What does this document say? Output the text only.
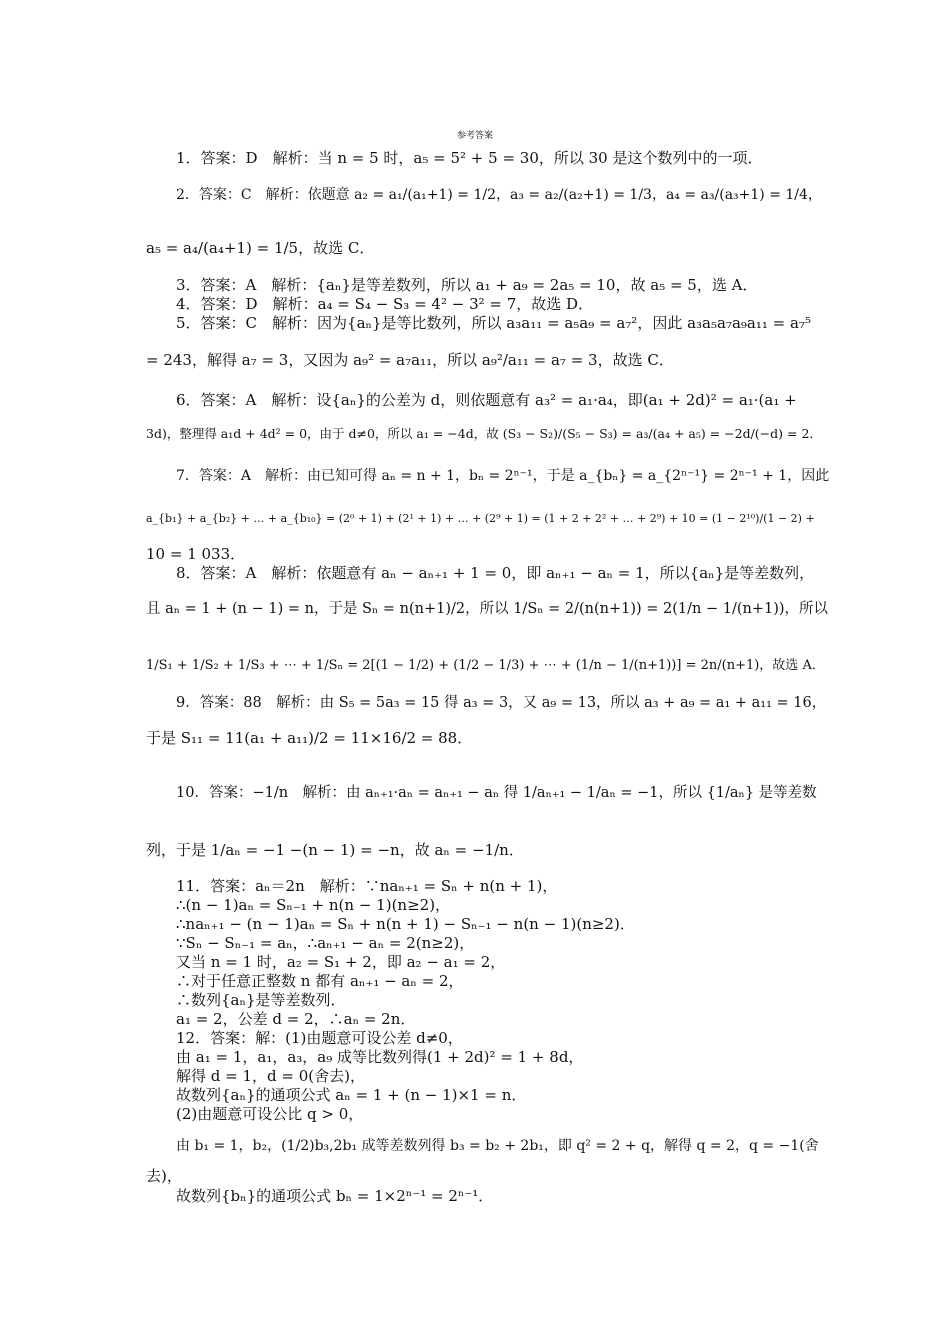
参考答案
1．答案：D　解析：当 n = 5 时，a₅ = 5² + 5 = 30，所以 30 是这个数列中的一项．
2．答案：C　解析：依题意 a₂ = a₁/(a₁+1) = 1/2，a₃ = a₂/(a₂+1) = 1/3，a₄ = a₃/(a₃+1) = 1/4，
a₅ = a₄/(a₄+1) = 1/5，故选 C．
3．答案：A　解析：{aₙ}是等差数列，所以 a₁ + a₉ = 2a₅ = 10，故 a₅ = 5，选 A．
4．答案：D　解析：a₄ = S₄ − S₃ = 4² − 3² = 7，故选 D．
5．答案：C　解析：因为{aₙ}是等比数列，所以 a₃a₁₁ = a₅a₉ = a₇²，因此 a₃a₅a₇a₉a₁₁ = a₇⁵
= 243，解得 a₇ = 3，又因为 a₉² = a₇a₁₁，所以 a₉²/a₁₁ = a₇ = 3，故选 C．
6．答案：A　解析：设{aₙ}的公差为 d，则依题意有 a₃² = a₁·a₄，即(a₁ + 2d)² = a₁·(a₁ +
3d)，整理得 a₁d + 4d² = 0，由于 d≠0，所以 a₁ = −4d，故 (S₃ − S₂)/(S₅ − S₃) = a₃/(a₄ + a₅) = −2d/(−d) = 2．
7．答案：A　解析：由已知可得 aₙ = n + 1，bₙ = 2ⁿ⁻¹，于是 a_{bₙ} = a_{2ⁿ⁻¹} = 2ⁿ⁻¹ + 1，因此
a_{b₁} + a_{b₂} + … + a_{b₁₀} = (2⁰ + 1) + (2¹ + 1) + … + (2⁹ + 1) = (1 + 2 + 2² + … + 2⁹) + 10 = (1 − 2¹⁰)/(1 − 2) +
10 = 1 033．
8．答案：A　解析：依题意有 aₙ − aₙ₊₁ + 1 = 0，即 aₙ₊₁ − aₙ = 1，所以{aₙ}是等差数列，
且 aₙ = 1 + (n − 1) = n，于是 Sₙ = n(n+1)/2，所以 1/Sₙ = 2/(n(n+1)) = 2(1/n − 1/(n+1))，所以
1/S₁ + 1/S₂ + 1/S₃ + ⋯ + 1/Sₙ = 2[(1 − 1/2) + (1/2 − 1/3) + ⋯ + (1/n − 1/(n+1))] = 2n/(n+1)，故选 A．
9．答案：88　解析：由 S₅ = 5a₃ = 15 得 a₃ = 3，又 a₉ = 13，所以 a₃ + a₉ = a₁ + a₁₁ = 16，
于是 S₁₁ = 11(a₁ + a₁₁)/2 = 11×16/2 = 88．
10．答案：−1/n　解析：由 aₙ₊₁·aₙ = aₙ₊₁ − aₙ 得 1/aₙ₊₁ − 1/aₙ = −1，所以 {1/aₙ} 是等差数
列，于是 1/aₙ = −1 −(n − 1) = −n，故 aₙ = −1/n．
11．答案：aₙ＝2n　解析：∵naₙ₊₁ = Sₙ + n(n + 1)，
∴(n − 1)aₙ = Sₙ₋₁ + n(n − 1)(n≥2)，
∴naₙ₊₁ − (n − 1)aₙ = Sₙ + n(n + 1) − Sₙ₋₁ − n(n − 1)(n≥2)．
∵Sₙ − Sₙ₋₁ = aₙ，∴aₙ₊₁ − aₙ = 2(n≥2)，
又当 n = 1 时，a₂ = S₁ + 2，即 a₂ − a₁ = 2，
∴对于任意正整数 n 都有 aₙ₊₁ − aₙ = 2，
∴数列{aₙ}是等差数列．
a₁ = 2，公差 d = 2，∴aₙ = 2n．
12．答案：解：(1)由题意可设公差 d≠0，
由 a₁ = 1，a₁，a₃，a₉ 成等比数列得(1 + 2d)² = 1 + 8d，
解得 d = 1，d = 0(舍去)，
故数列{aₙ}的通项公式 aₙ = 1 + (n − 1)×1 = n．
(2)由题意可设公比 q > 0，
由 b₁ = 1，b₂，(1/2)b₃,2b₁ 成等差数列得 b₃ = b₂ + 2b₁，即 q² = 2 + q，解得 q = 2，q = −1(舍
去)，
故数列{bₙ}的通项公式 bₙ = 1×2ⁿ⁻¹ = 2ⁿ⁻¹．
